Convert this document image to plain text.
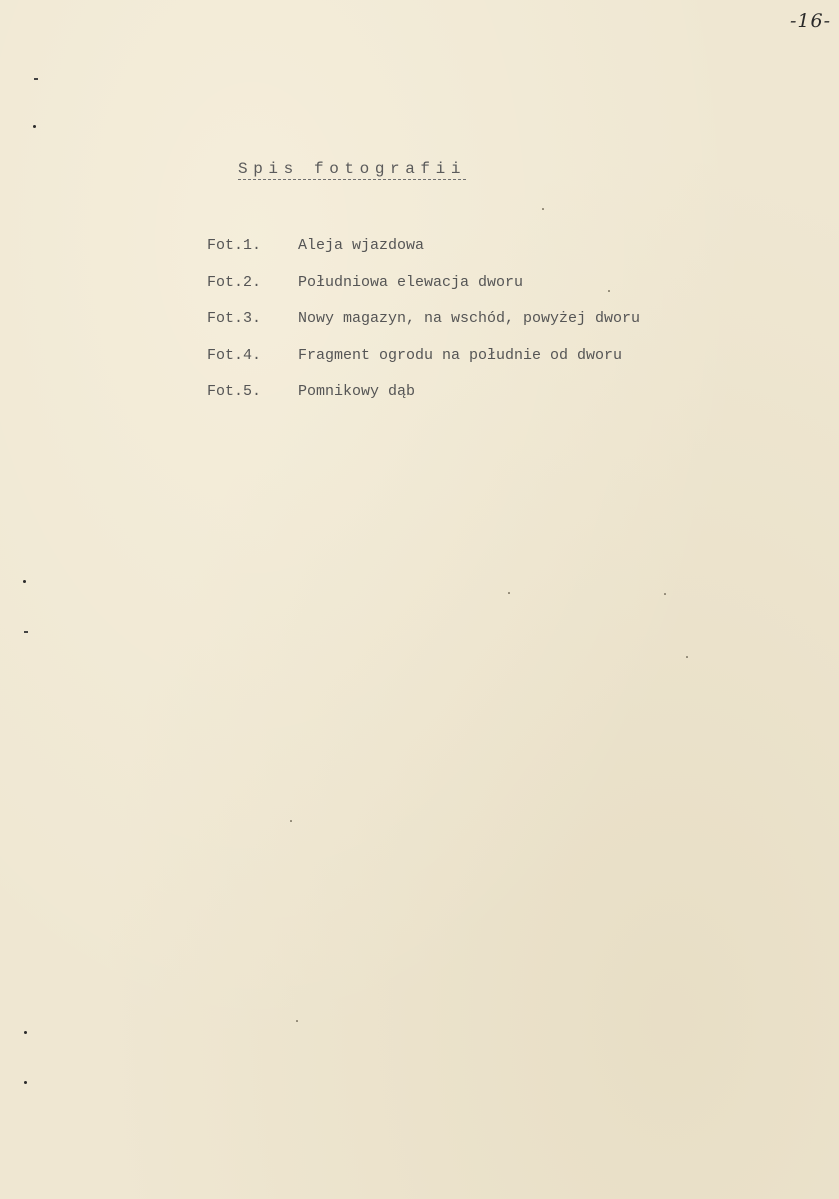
-16-
Spis fotografii
Fot.1.	Aleja wjazdowa
Fot.2.	Południowa elewacja dworu
Fot.3.	Nowy magazyn, na wschód, powyżej dworu
Fot.4.	Fragment ogrodu na południe od dworu
Fot.5.	Pomnikowy dąb
